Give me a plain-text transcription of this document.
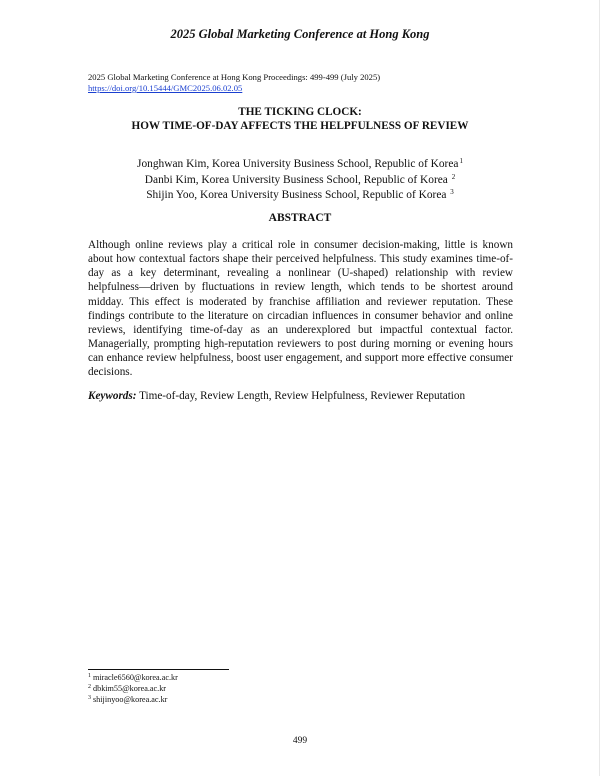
2025 Global Marketing Conference at Hong Kong
2025 Global Marketing Conference at Hong Kong Proceedings: 499-499 (July 2025)
https://doi.org/10.15444/GMC2025.06.02.05
THE TICKING CLOCK:
HOW TIME-OF-DAY AFFECTS THE HELPFULNESS OF REVIEW
Jonghwan Kim, Korea University Business School, Republic of Korea$^1$
Danbi Kim, Korea University Business School, Republic of Korea $^2$
Shijin Yoo, Korea University Business School, Republic of Korea $^3$
ABSTRACT
Although online reviews play a critical role in consumer decision-making, little is known about how contextual factors shape their perceived helpfulness. This study examines time-of-day as a key determinant, revealing a nonlinear (U-shaped) relationship with review helpfulness—driven by fluctuations in review length, which tends to be shortest around midday. This effect is moderated by franchise affiliation and reviewer reputation. These findings contribute to the literature on circadian influences in consumer behavior and online reviews, identifying time-of-day as an underexplored but impactful contextual factor. Managerially, prompting high-reputation reviewers to post during morning or evening hours can enhance review helpfulness, boost user engagement, and support more effective consumer decisions.
Keywords: Time-of-day, Review Length, Review Helpfulness, Reviewer Reputation
$^1$ miracle6560@korea.ac.kr
$^2$ dbkim55@korea.ac.kr
$^3$ shijinyoo@korea.ac.kr
499
